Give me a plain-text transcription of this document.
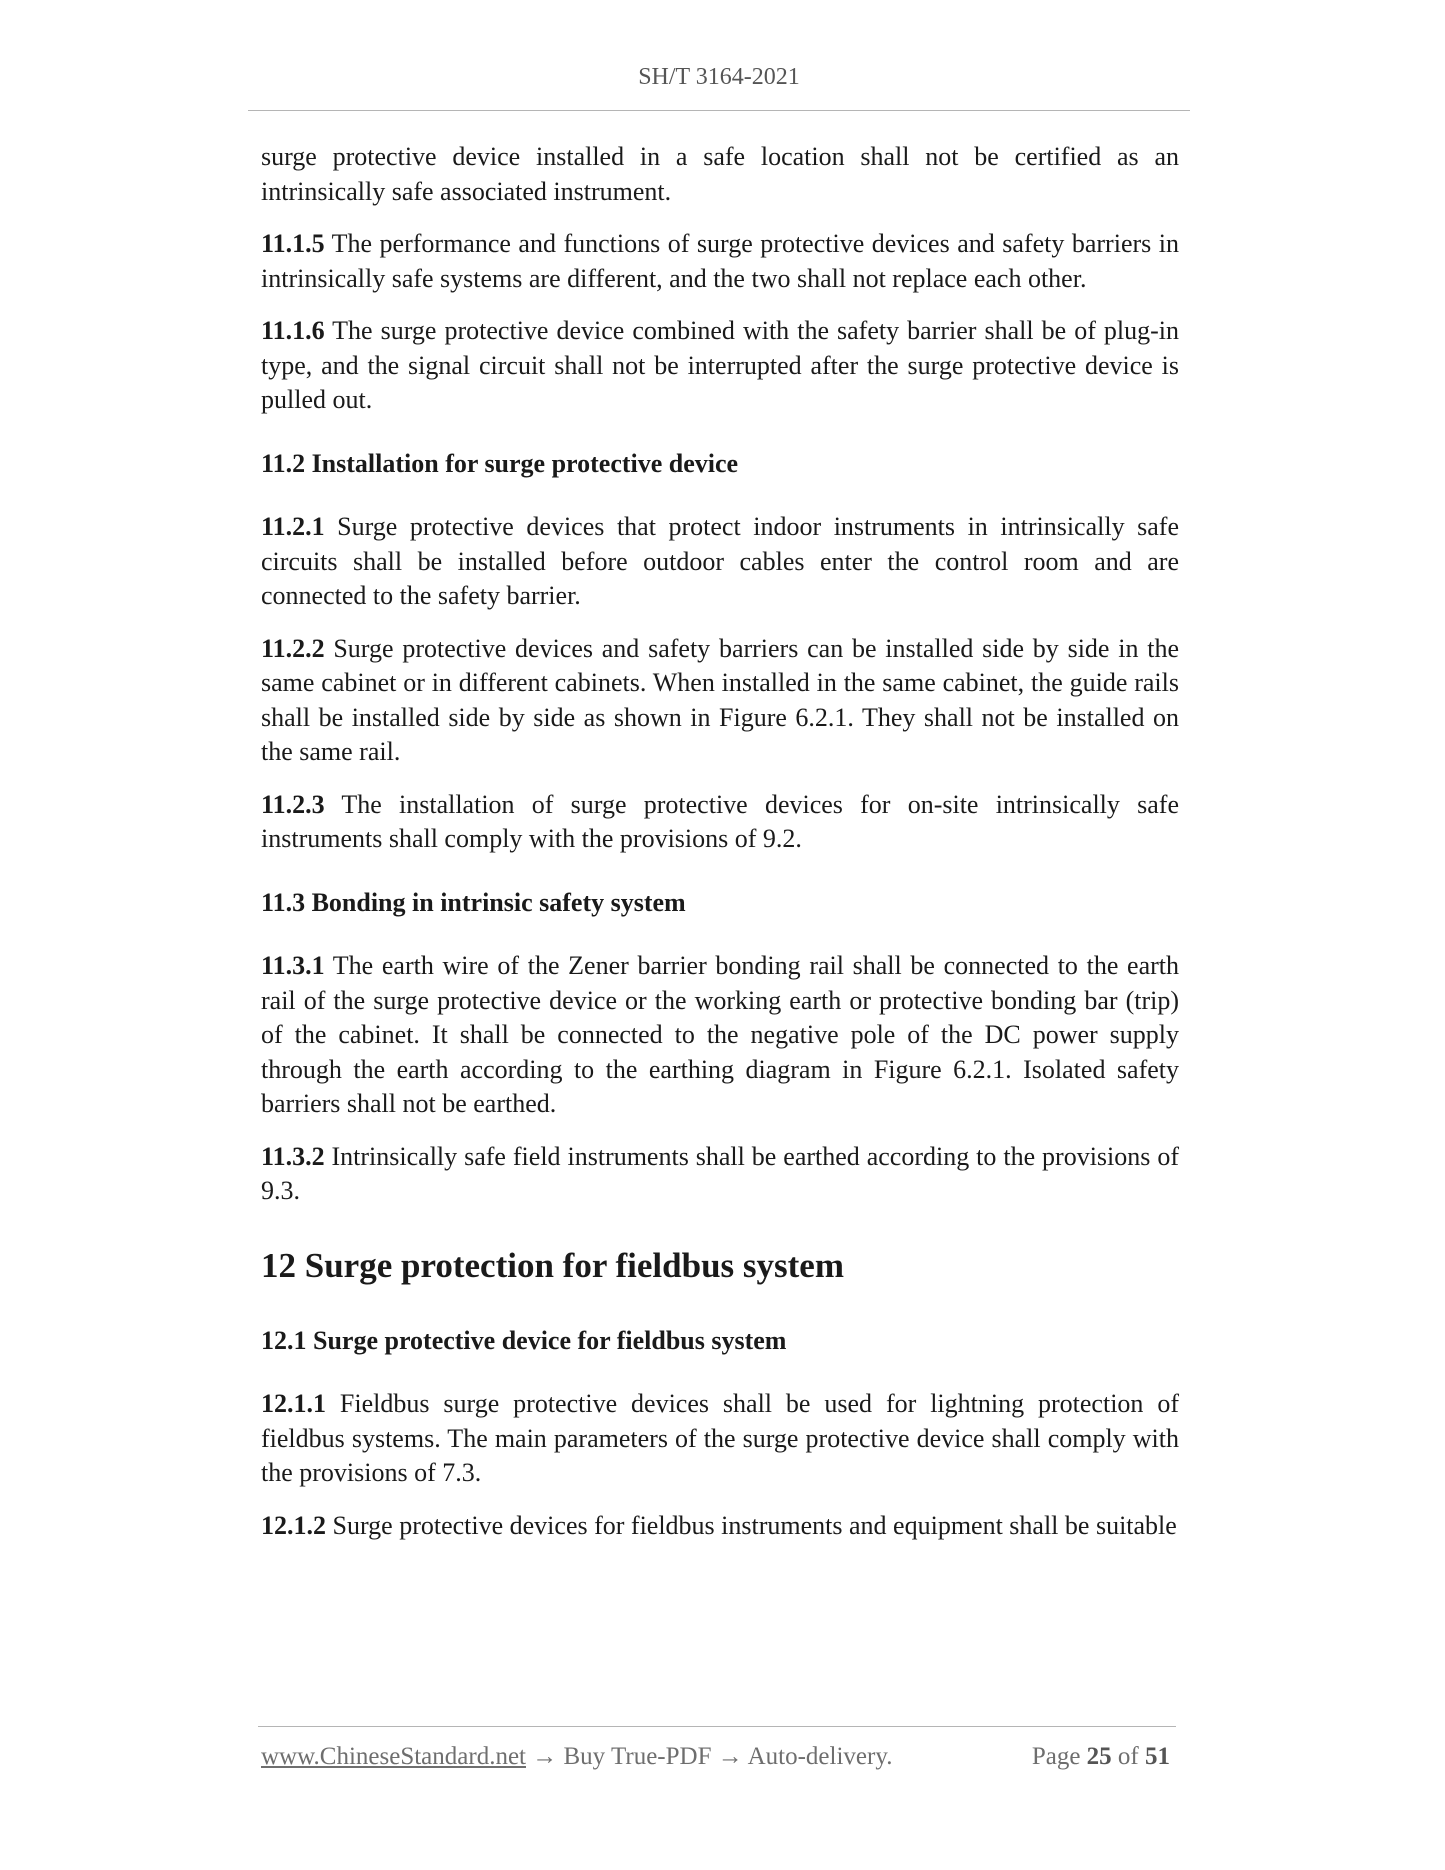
SH/T 3164-2021

surge protective device installed in a safe location shall not be certified as an intrinsically safe associated instrument.

11.1.5 The performance and functions of surge protective devices and safety barriers in intrinsically safe systems are different, and the two shall not replace each other.

11.1.6 The surge protective device combined with the safety barrier shall be of plug-in type, and the signal circuit shall not be interrupted after the surge protective device is pulled out.

11.2 Installation for surge protective device

11.2.1 Surge protective devices that protect indoor instruments in intrinsically safe circuits shall be installed before outdoor cables enter the control room and are connected to the safety barrier.

11.2.2 Surge protective devices and safety barriers can be installed side by side in the same cabinet or in different cabinets. When installed in the same cabinet, the guide rails shall be installed side by side as shown in Figure 6.2.1. They shall not be installed on the same rail.

11.2.3 The installation of surge protective devices for on-site intrinsically safe instruments shall comply with the provisions of 9.2.

11.3 Bonding in intrinsic safety system

11.3.1 The earth wire of the Zener barrier bonding rail shall be connected to the earth rail of the surge protective device or the working earth or protective bonding bar (trip) of the cabinet. It shall be connected to the negative pole of the DC power supply through the earth according to the earthing diagram in Figure 6.2.1. Isolated safety barriers shall not be earthed.

11.3.2 Intrinsically safe field instruments shall be earthed according to the provisions of 9.3.

12 Surge protection for fieldbus system
12.1 Surge protective device for fieldbus system

12.1.1 Fieldbus surge protective devices shall be used for lightning protection of fieldbus systems. The main parameters of the surge protective device shall comply with the provisions of 7.3.

12.1.2 Surge protective devices for fieldbus instruments and equipment shall be suitable

www.ChineseStandard.net → Buy True-PDF → Auto-delivery.	Page 25 of 51
